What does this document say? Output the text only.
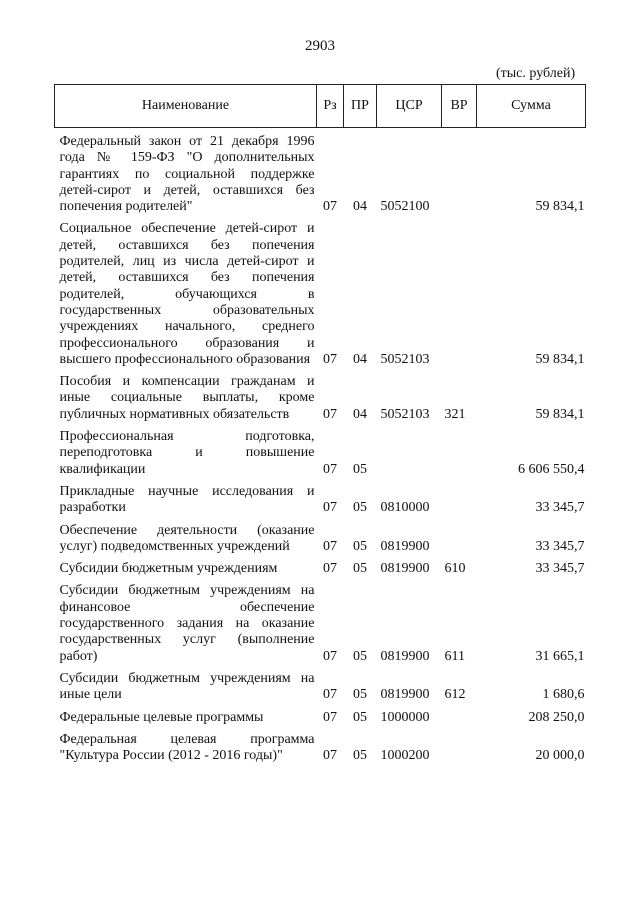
2903
(тыс. рублей)
Наименование	Рз	ПР	ЦСР	ВР	Сумма
Федеральный закон от 21 декабря 1996 года № 159-ФЗ "О дополнительных гарантиях по социальной поддержке детей-сирот и детей, оставшихся без попечения родителей"	07	04	5052100		59 834,1
Социальное обеспечение детей-сирот и детей, оставшихся без попечения родителей, лиц из числа детей-сирот и детей, оставшихся без попечения родителей, обучающихся в государственных образовательных учреждениях начального, среднего профессионального образования и высшего профессионального образования	07	04	5052103		59 834,1
Пособия и компенсации гражданам и иные социальные выплаты, кроме публичных нормативных обязательств	07	04	5052103	321	59 834,1
Профессиональная подготовка, переподготовка и повышение квалификации	07	05			6 606 550,4
Прикладные научные исследования и разработки	07	05	0810000		33 345,7
Обеспечение деятельности (оказание услуг) подведомственных учреждений	07	05	0819900		33 345,7
Субсидии бюджетным учреждениям	07	05	0819900	610	33 345,7
Субсидии бюджетным учреждениям на финансовое обеспечение государственного задания на оказание государственных услуг (выполнение работ)	07	05	0819900	611	31 665,1
Субсидии бюджетным учреждениям на иные цели	07	05	0819900	612	1 680,6
Федеральные целевые программы	07	05	1000000		208 250,0
Федеральная целевая программа "Культура России (2012 - 2016 годы)"	07	05	1000200		20 000,0
